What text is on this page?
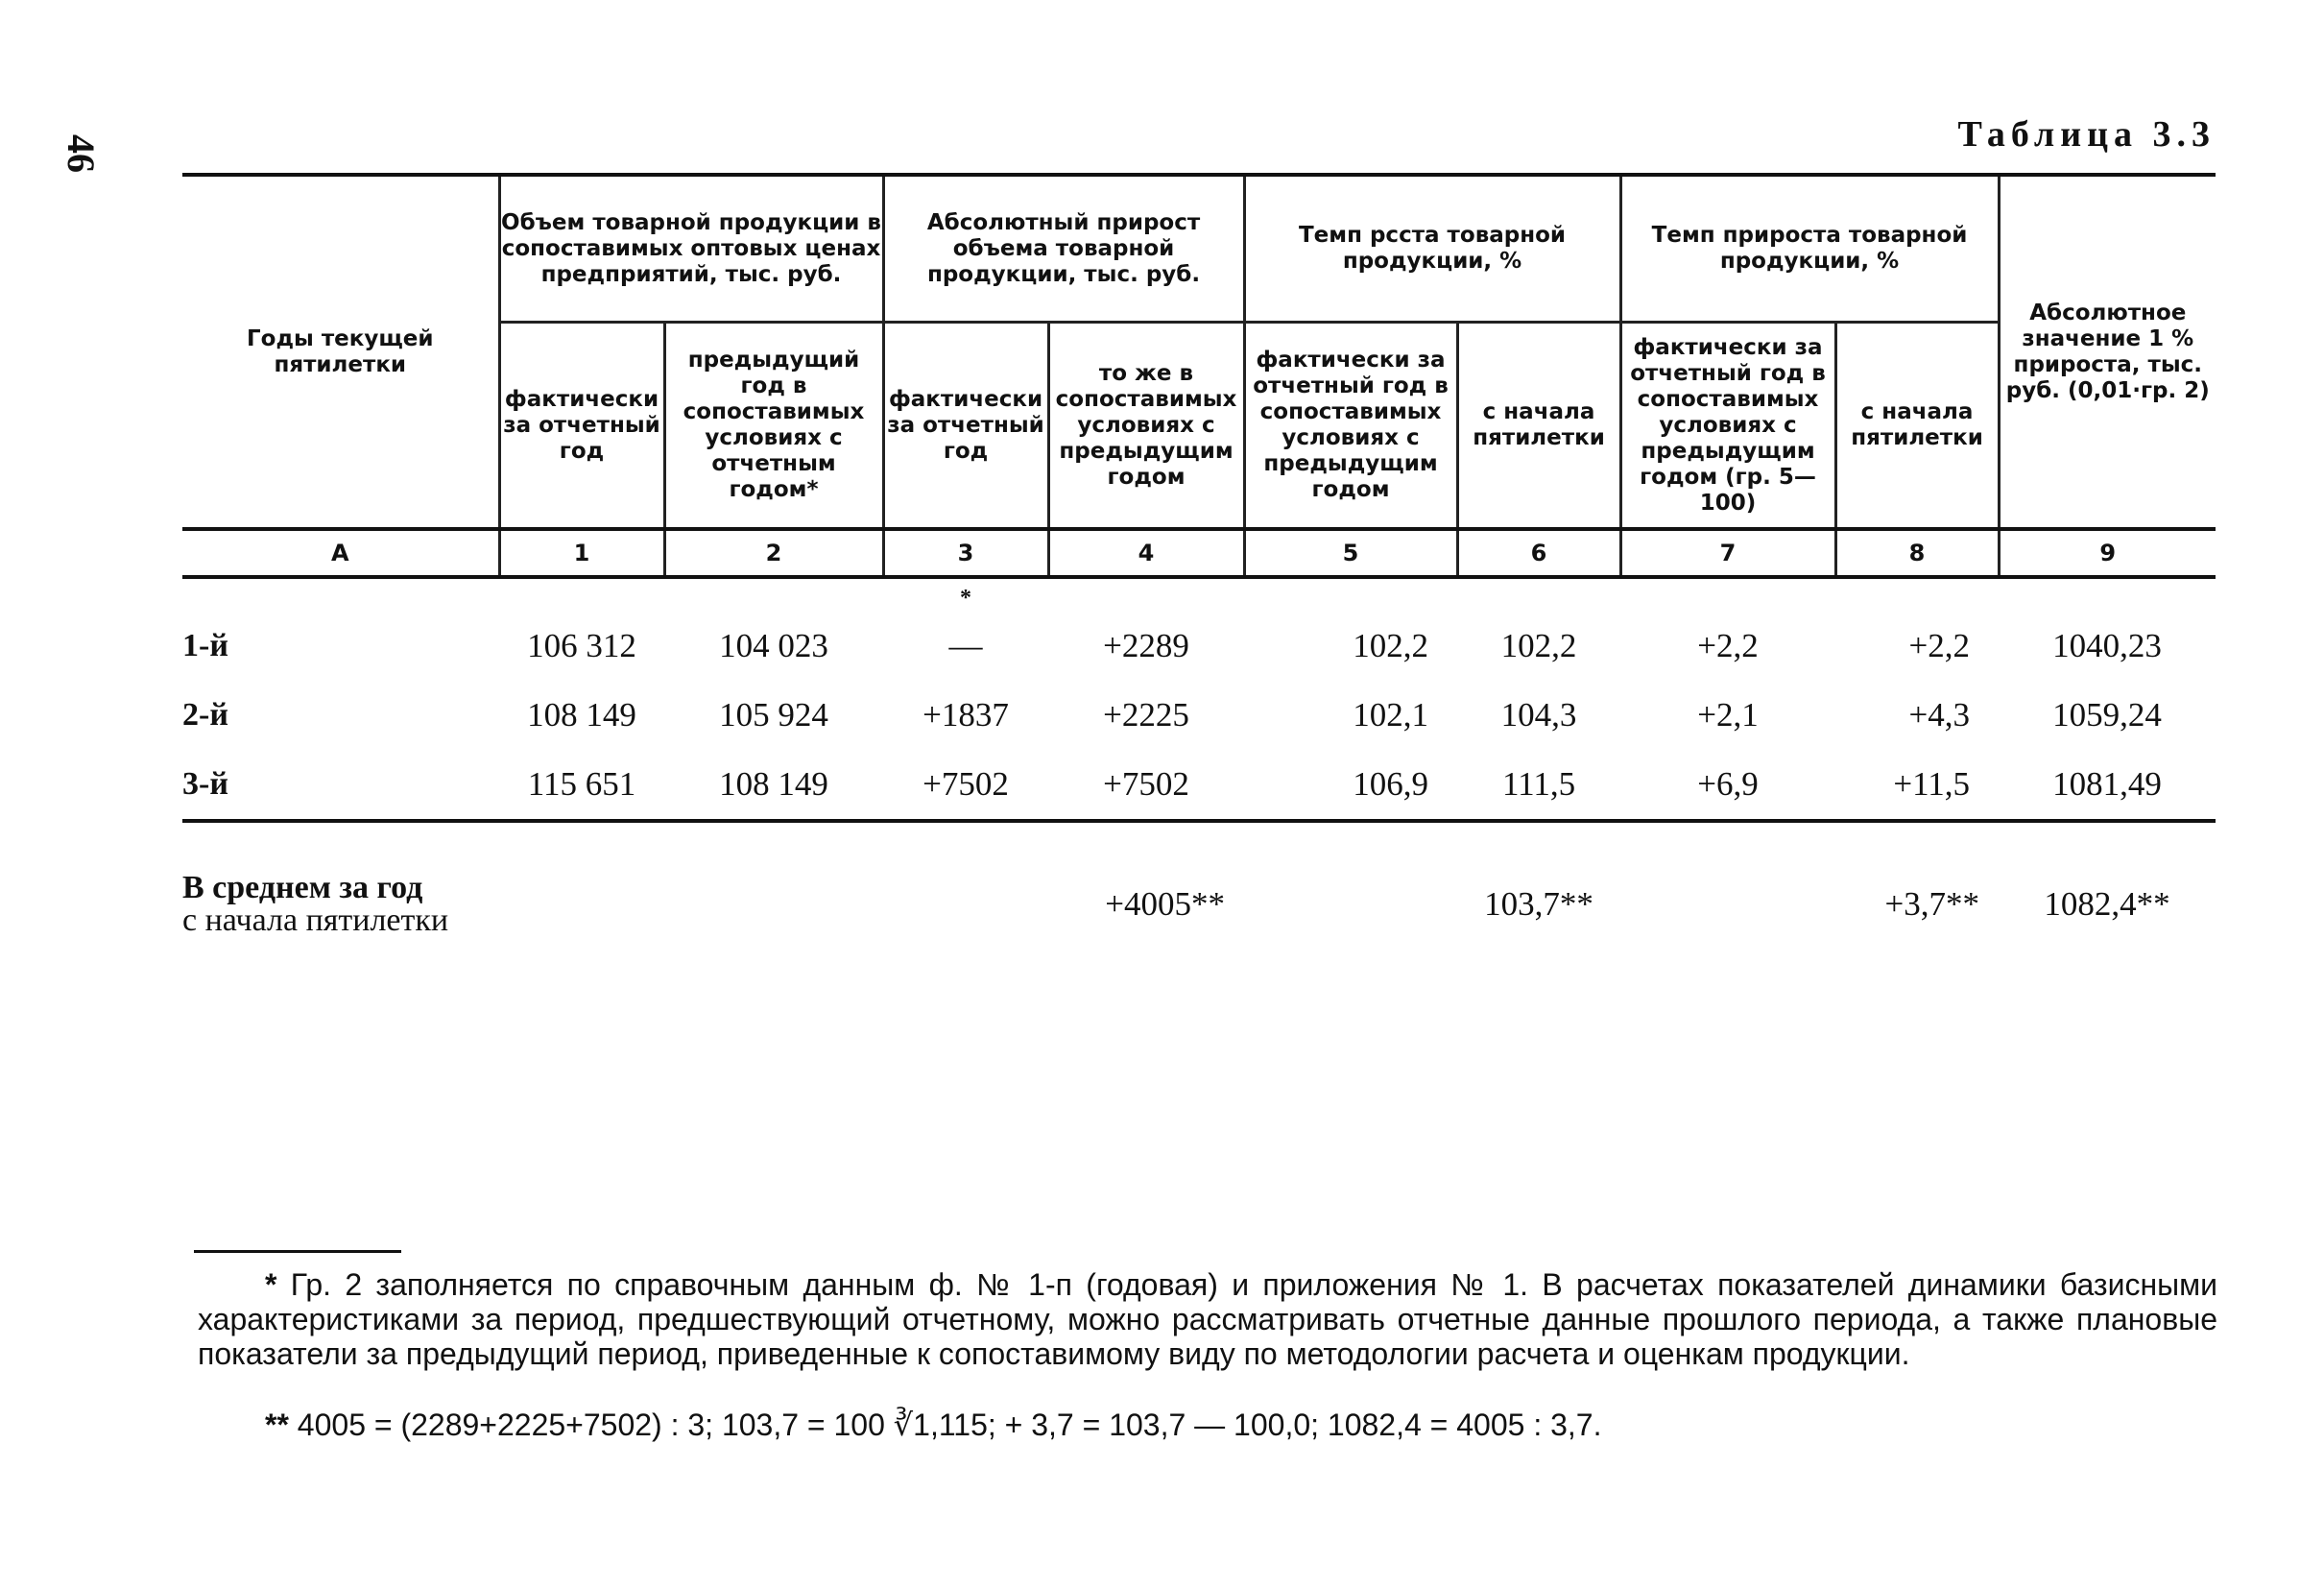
46	Таблица 3.3
Годы текущей пятилетки	Объем товарной продукции в сопоставимых оптовых ценах предприятий, тыс. руб.		Абсолютный прирост объема товарной продукции, тыс. руб.		Темп рсста товарной продукции, %		Темп прироста товарной продукции, %		Абсолютное значение 1 % прироста, тыс. руб. (0,01·гр. 2)
	фактически за отчетный год	предыдущий год в сопоставимых условиях с отчетным годом*	фактически за отчетный год	то же в сопоставимых условиях с предыдущим годом	фактически за отчетный год в сопоставимых условиях с предыдущим годом	с начала пятилетки	фактически за отчетный год в сопоставимых условиях с предыдущим годом (гр. 5—100)	с начала пятилетки	
А	1	2	3	4	5	6	7	8	9
			*						
1-й	106 312	104 023	—	+2289	102,2	102,2	+2,2	+2,2	1040,23
2-й	108 149	105 924	+1837	+2225	102,1	104,3	+2,1	+4,3	1059,24
3-й	115 651	108 149	+7502	+7502	106,9	111,5	+6,9	+11,5	1081,49

В среднем за год
с начала пятилетки				+4005**		103,7**		+3,7**	1082,4**
* Гр. 2 заполняется по справочным данным ф. № 1-п (годовая) и приложения № 1. В расчетах показателей динамики базисными характеристиками за период, предшествующий отчетному, можно рассматривать отчетные данные прошлого периода, а также плановые показатели за предыдущий период, приведенные к сопоставимому виду по методологии расчета и оценкам продукции.
** 4005 = (2289+2225+7502) : 3; 103,7 = 100 ∛1,115; + 3,7 = 103,7 — 100,0; 1082,4 = 4005 : 3,7.
